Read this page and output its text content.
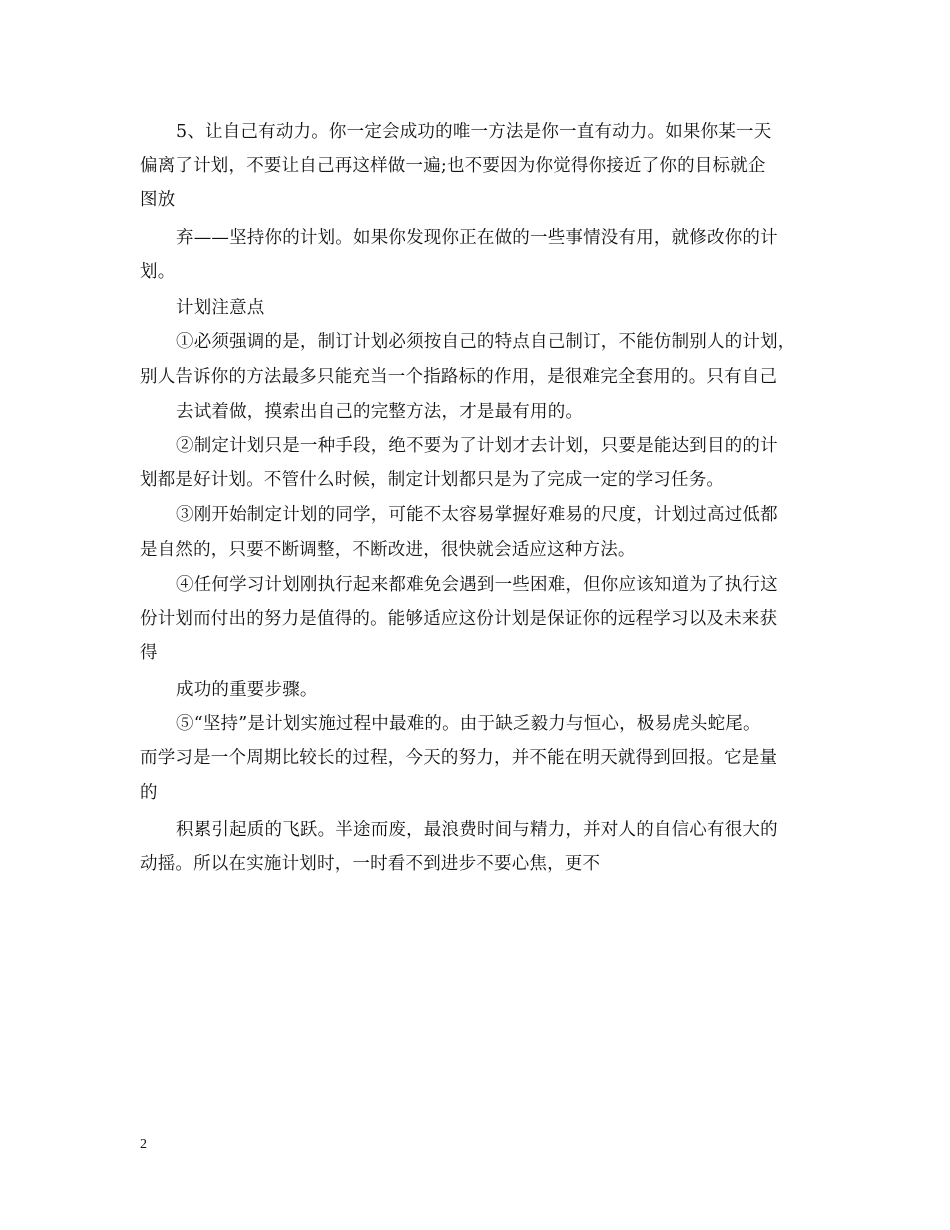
5、让自己有动力。你一定会成功的唯一方法是你一直有动力。如果你某一天
偏离了计划，不要让自己再这样做一遍;也不要因为你觉得你接近了你的目标就企
图放
弃——坚持你的计划。如果你发现你正在做的一些事情没有用，就修改你的计
划。
计划注意点
①必须强调的是，制订计划必须按自己的特点自己制订，不能仿制别人的计划，
别人告诉你的方法最多只能充当一个指路标的作用，是很难完全套用的。只有自己
去试着做，摸索出自己的完整方法，才是最有用的。
②制定计划只是一种手段，绝不要为了计划才去计划，只要是能达到目的的计
划都是好计划。不管什么时候，制定计划都只是为了完成一定的学习任务。
③刚开始制定计划的同学，可能不太容易掌握好难易的尺度，计划过高过低都
是自然的，只要不断调整，不断改进，很快就会适应这种方法。
④任何学习计划刚执行起来都难免会遇到一些困难，但你应该知道为了执行这
份计划而付出的努力是值得的。能够适应这份计划是保证你的远程学习以及未来获
得
成功的重要步骤。
⑤“坚持”是计划实施过程中最难的。由于缺乏毅力与恒心，极易虎头蛇尾。
而学习是一个周期比较长的过程，今天的努力，并不能在明天就得到回报。它是量
的
积累引起质的飞跃。半途而废，最浪费时间与精力，并对人的自信心有很大的
动摇。所以在实施计划时，一时看不到进步不要心焦，更不
2
